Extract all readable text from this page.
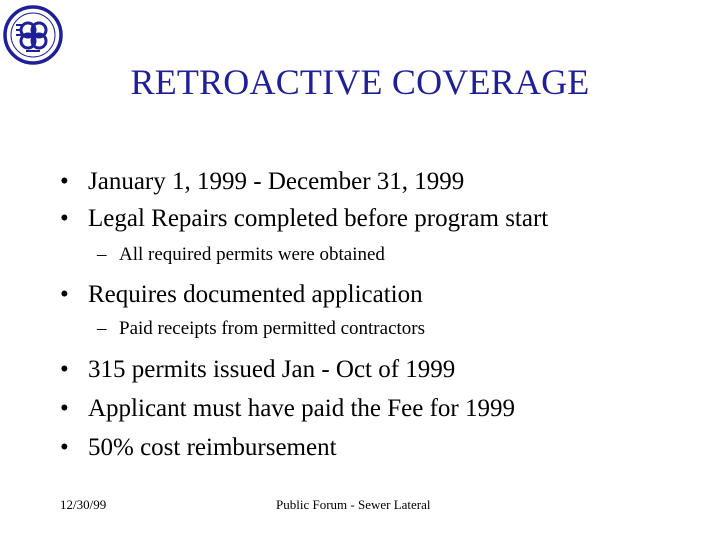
RETROACTIVE COVERAGE
• January 1, 1999 - December 31, 1999
• Legal Repairs completed before program start
– All required permits were obtained
• Requires documented application
– Paid receipts from permitted contractors
• 315 permits issued Jan - Oct of 1999
• Applicant must have paid the Fee for 1999
• 50% cost reimbursement
12/30/99	Public Forum - Sewer Lateral
